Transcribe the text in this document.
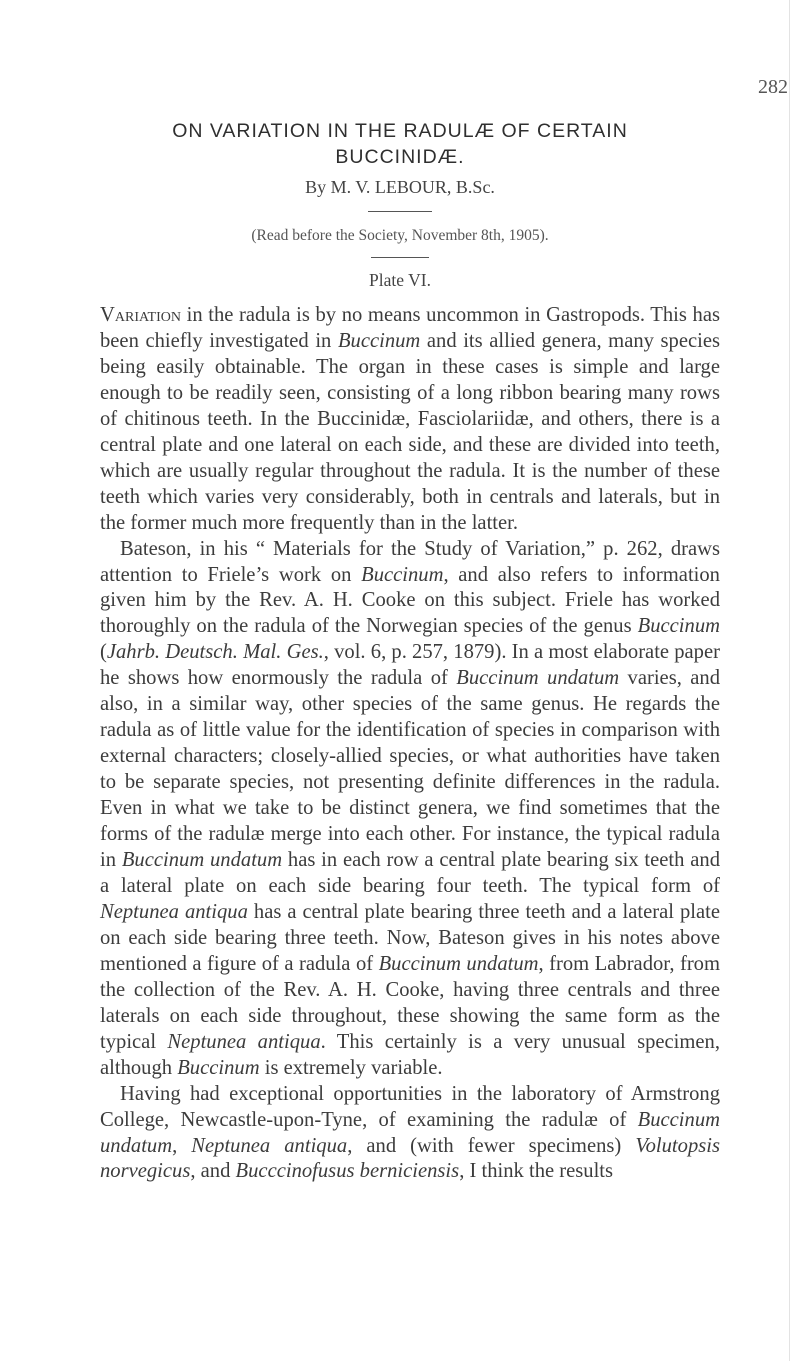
282
ON VARIATION IN THE RADULÆ OF CERTAIN
BUCCINIDÆ.
By M. V. LEBOUR, B.Sc.
(Read before the Society, November 8th, 1905).
Plate VI.

Variation in the radula is by no means uncommon in Gastropods. This has been chiefly investigated in Buccinum and its allied genera, many species being easily obtainable. The organ in these cases is simple and large enough to be readily seen, consisting of a long ribbon bearing many rows of chitinous teeth. In the Buccinidæ, Fasciolariidæ, and others, there is a central plate and one lateral on each side, and these are divided into teeth, which are usually regular throughout the radula. It is the number of these teeth which varies very considerably, both in centrals and laterals, but in the former much more frequently than in the latter.

Bateson, in his “ Materials for the Study of Variation,” p. 262, draws attention to Friele’s work on Buccinum, and also refers to information given him by the Rev. A. H. Cooke on this subject. Friele has worked thoroughly on the radula of the Norwegian species of the genus Buccinum (Jahrb. Deutsch. Mal. Ges., vol. 6, p. 257, 1879). In a most elaborate paper he shows how enormously the radula of Buccinum undatum varies, and also, in a similar way, other species of the same genus. He regards the radula as of little value for the identification of species in comparison with external characters; closely-allied species, or what authorities have taken to be separate species, not presenting definite differences in the radula. Even in what we take to be distinct genera, we find sometimes that the forms of the radulæ merge into each other. For instance, the typical radula in Buccinum undatum has in each row a central plate bearing six teeth and a lateral plate on each side bearing four teeth. The typical form of Neptunea antiqua has a central plate bearing three teeth and a lateral plate on each side bearing three teeth. Now, Bateson gives in his notes above mentioned a figure of a radula of Buccinum undatum, from Labrador, from the collection of the Rev. A. H. Cooke, having three centrals and three laterals on each side throughout, these showing the same form as the typical Neptunea antiqua. This certainly is a very unusual specimen, although Buccinum is extremely variable.

Having had exceptional opportunities in the laboratory of Armstrong College, Newcastle-upon-Tyne, of examining the radulæ of Buccinum undatum, Neptunea antiqua, and (with fewer specimens) Volutopsis norvegicus, and Bucccinofusus berniciensis, I think the results
